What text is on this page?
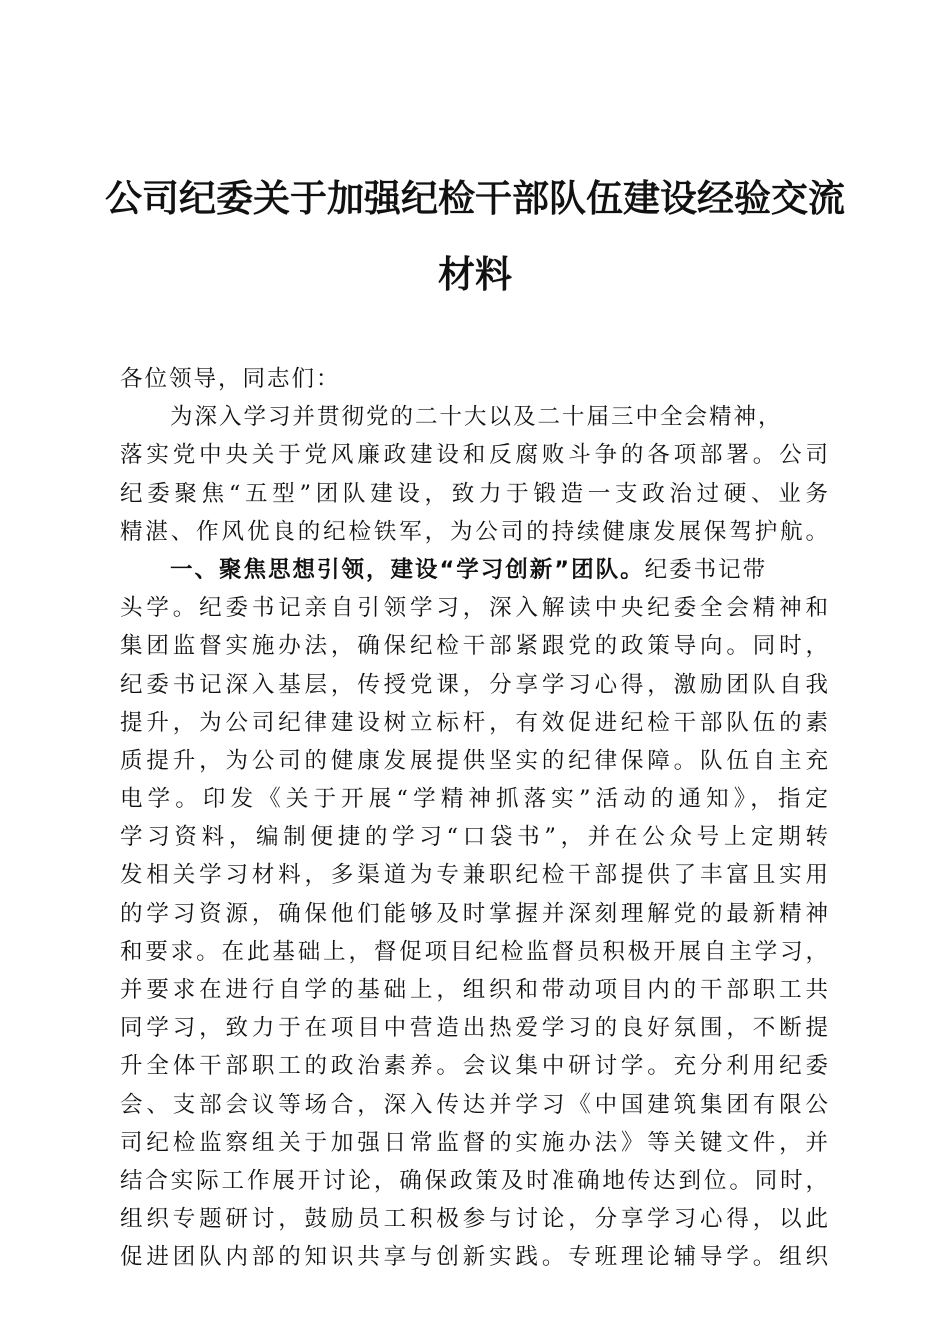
公司纪委关于加强纪检干部队伍建设经验交流
材料
各位领导，同志们：
为深入学习并贯彻党的二十大以及二十届三中全会精神，
落实党中央关于党风廉政建设和反腐败斗争的各项部署。公司
纪委聚焦“五型”团队建设，致力于锻造一支政治过硬、业务
精湛、作风优良的纪检铁军，为公司的持续健康发展保驾护航。
一、聚焦思想引领，建设“学习创新”团队。纪委书记带
头学。纪委书记亲自引领学习，深入解读中央纪委全会精神和
集团监督实施办法，确保纪检干部紧跟党的政策导向。同时，
纪委书记深入基层，传授党课，分享学习心得，激励团队自我
提升，为公司纪律建设树立标杆，有效促进纪检干部队伍的素
质提升，为公司的健康发展提供坚实的纪律保障。队伍自主充
电学。印发《关于开展“学精神抓落实”活动的通知》，指定
学习资料，编制便捷的学习“口袋书”，并在公众号上定期转
发相关学习材料，多渠道为专兼职纪检干部提供了丰富且实用
的学习资源，确保他们能够及时掌握并深刻理解党的最新精神
和要求。在此基础上，督促项目纪检监督员积极开展自主学习，
并要求在进行自学的基础上，组织和带动项目内的干部职工共
同学习，致力于在项目中营造出热爱学习的良好氛围，不断提
升全体干部职工的政治素养。会议集中研讨学。充分利用纪委
会、支部会议等场合，深入传达并学习《中国建筑集团有限公
司纪检监察组关于加强日常监督的实施办法》等关键文件，并
结合实际工作展开讨论，确保政策及时准确地传达到位。同时，
组织专题研讨，鼓励员工积极参与讨论，分享学习心得，以此
促进团队内部的知识共享与创新实践。专班理论辅导学。组织
